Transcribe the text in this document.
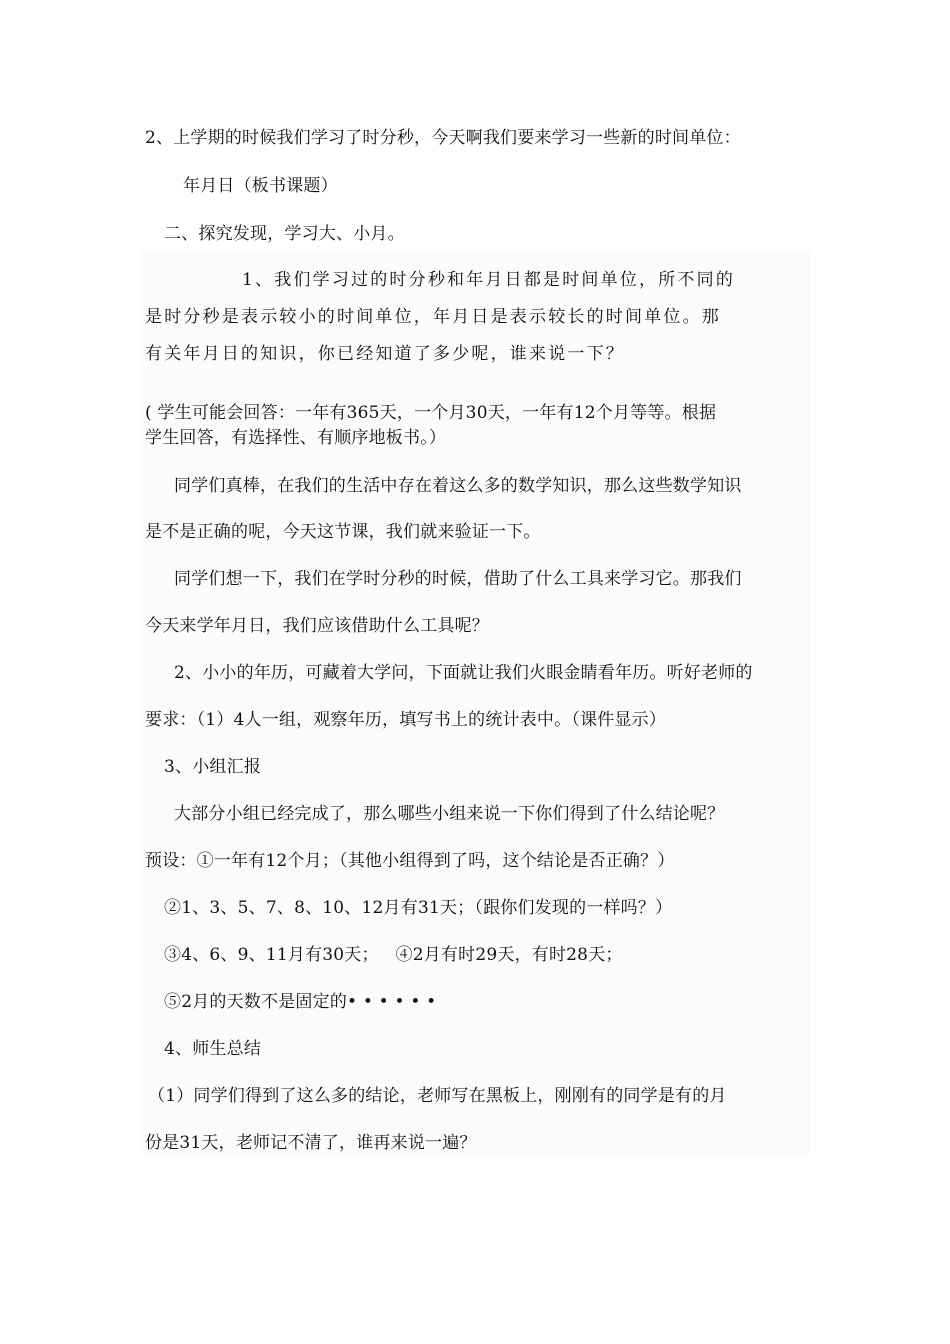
2、上学期的时候我们学习了时分秒，今天啊我们要来学习一些新的时间单位：
年月日（板书课题）
二、探究发现，学习大、小月。
1、我们学习过的时分秒和年月日都是时间单位，所不同的
是时分秒是表示较小的时间单位，年月日是表示较长的时间单位。那
有关年月日的知识，你已经知道了多少呢，谁来说一下？
( 学生可能会回答：一年有365天，一个月30天，一年有12个月等等。根据
学生回答，有选择性、有顺序地板书。）
同学们真棒，在我们的生活中存在着这么多的数学知识，那么这些数学知识
是不是正确的呢，今天这节课，我们就来验证一下。
同学们想一下，我们在学时分秒的时候，借助了什么工具来学习它。那我们
今天来学年月日，我们应该借助什么工具呢？
2、小小的年历，可藏着大学问，下面就让我们火眼金睛看年历。听好老师的
要求：（1）4人一组，观察年历，填写书上的统计表中。（课件显示）
3、小组汇报
大部分小组已经完成了，那么哪些小组来说一下你们得到了什么结论呢？
预设：①一年有12个月；（其他小组得到了吗，这个结论是否正确？）
②1、3、5、7、8、10、12月有31天；（跟你们发现的一样吗？）
③4、6、9、11月有30天；   ④2月有时29天，有时28天；
⑤2月的天数不是固定的• • • • • •
4、师生总结
（1）同学们得到了这么多的结论，老师写在黑板上，刚刚有的同学是有的月
份是31天，老师记不清了，谁再来说一遍？
